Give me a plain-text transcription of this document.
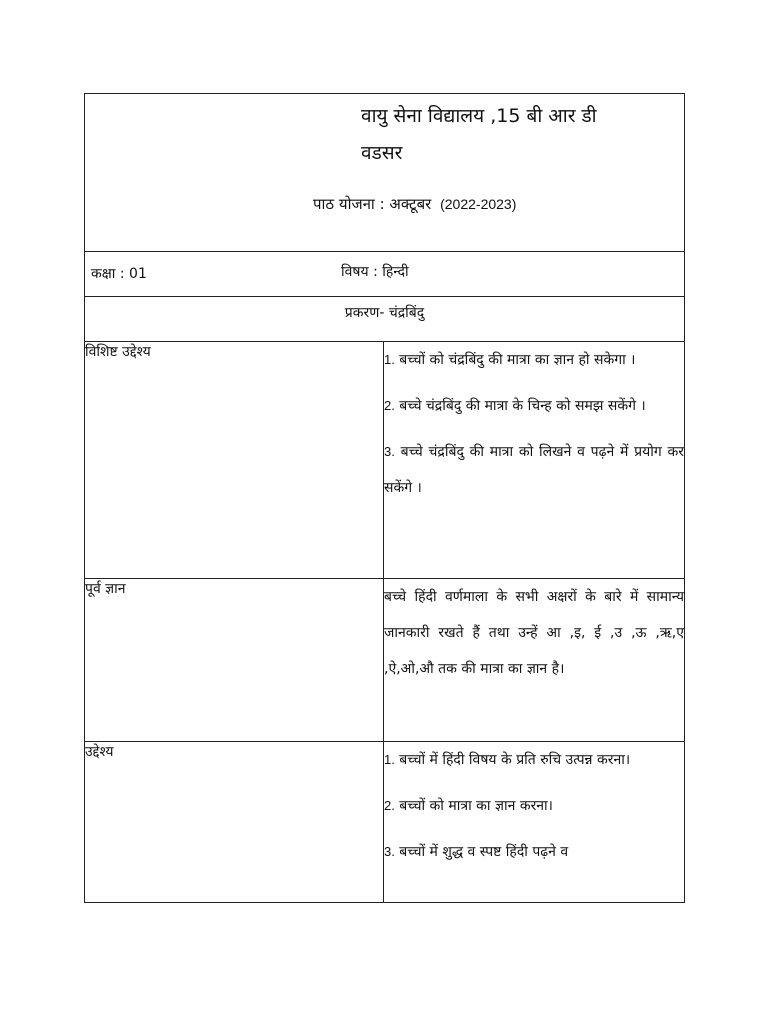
वायु सेना विद्यालय ,15 बी आर डी
वडसर
पाठ योजना : अक्टूबर (2022-2023)	

कक्षा : 01 विषय : हिन्दी	

प्रकरण- चंद्रबिंदु	

विशिष्ट उद्देश्य	1. बच्चों को चंद्रबिंदु की मात्रा का ज्ञान हो सकेगा ।

2. बच्चे चंद्रबिंदु की मात्रा के चिन्ह को समझ सकेंगे ।

3. बच्चे चंद्रबिंदु की मात्रा को लिखने व पढ़ने में प्रयोग कर सकेंगे ।

पूर्व ज्ञान	बच्चे हिंदी वर्णमाला के सभी अक्षरों के बारे में सामान्य जानकारी रखते हैं तथा उन्हें आ ,इ, ई ,उ ,ऊ ,ऋ,ए ,ऐ,ओ,औ तक की मात्रा का ज्ञान है।

उद्देश्य	1. बच्चों में हिंदी विषय के प्रति रुचि उत्पन्न करना।

2. बच्चों को मात्रा का ज्ञान करना।

3. बच्चों में शुद्ध व स्पष्ट हिंदी पढ़ने व
